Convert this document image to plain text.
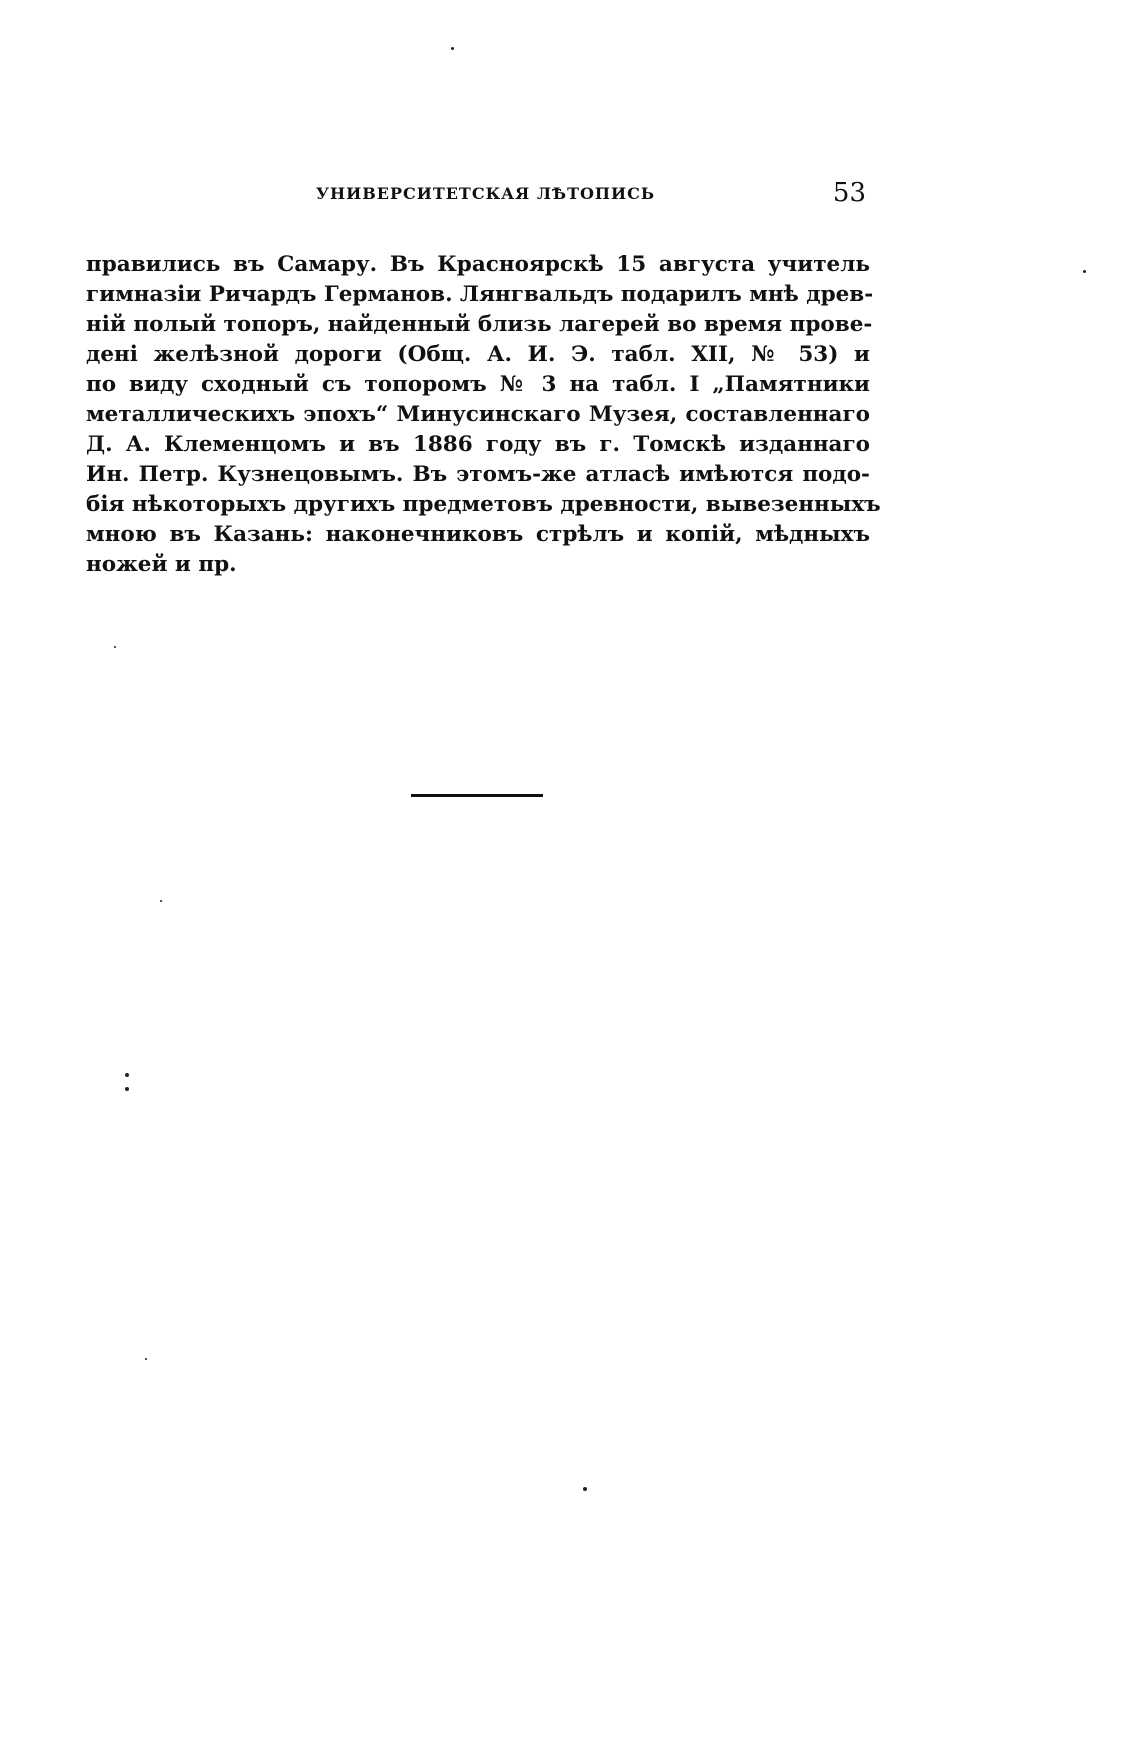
УНИВЕРСИТЕТСКАЯ ЛѢТОПИСЬ	53
правились въ Самару. Въ Красноярскѣ 15 августа учитель
гимназіи Ричардъ Германов. Лянгвальдъ подарилъ мнѣ древ-
ній полый топоръ, найденный близь лагерей во время прове-
дені желѣзной дороги (Общ. А. И. Э. табл. XII, № 53) и
по виду сходный съ топоромъ № 3 на табл. I „Памятники
металлическихъ эпохъ“ Минусинскаго Музея, составленнаго
Д. А. Клеменцомъ и въ 1886 году въ г. Томскѣ изданнаго
Ин. Петр. Кузнецовымъ. Въ этомъ-же атласѣ имѣются подо-
бія нѣкоторыхъ другихъ предметовъ древности, вывезенныхъ
мною въ Казань: наконечниковъ стрѣлъ и копій, мѣдныхъ
ножей и пр.
